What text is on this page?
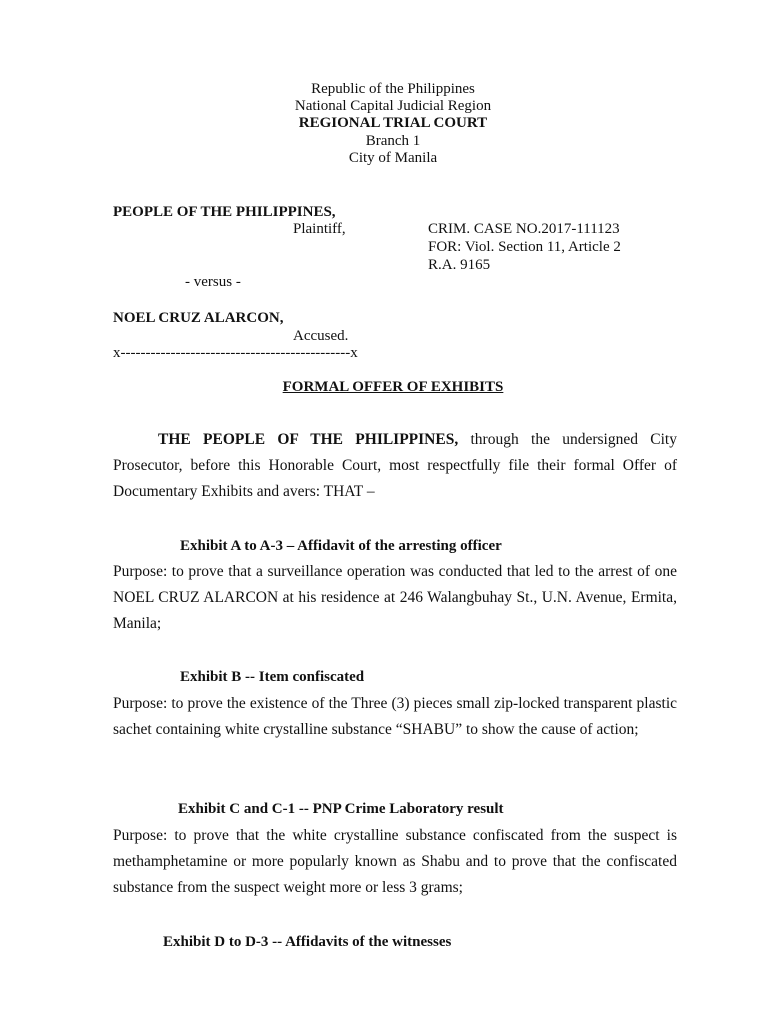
Republic of the Philippines
National Capital Judicial Region
REGIONAL TRIAL COURT
Branch 1
City of Manila
PEOPLE OF THE PHILIPPINES,
Plaintiff,	CRIM. CASE NO.2017-111123
FOR: Viol. Section 11, Article 2
R.A. 9165
- versus -
NOEL CRUZ ALARCON,
Accused.
x----------------------------------------------x
FORMAL OFFER OF EXHIBITS
THE PEOPLE OF THE PHILIPPINES, through the undersigned City Prosecutor, before this Honorable Court, most respectfully file their formal Offer of Documentary Exhibits and avers: THAT –
Exhibit A to A-3 – Affidavit of the arresting officer
Purpose: to prove that a surveillance operation was conducted that led to the arrest of one NOEL CRUZ ALARCON at his residence at 246 Walangbuhay St., U.N. Avenue, Ermita, Manila;
Exhibit B -- Item confiscated
Purpose: to prove the existence of the Three (3) pieces small zip-locked transparent plastic sachet containing white crystalline substance “SHABU” to show the cause of action;
Exhibit C and C-1 -- PNP Crime Laboratory result
Purpose: to prove that the white crystalline substance confiscated from the suspect is methamphetamine or more popularly known as Shabu and to prove that the confiscated substance from the suspect weight more or less 3 grams;
Exhibit D to D-3 -- Affidavits of the witnesses
